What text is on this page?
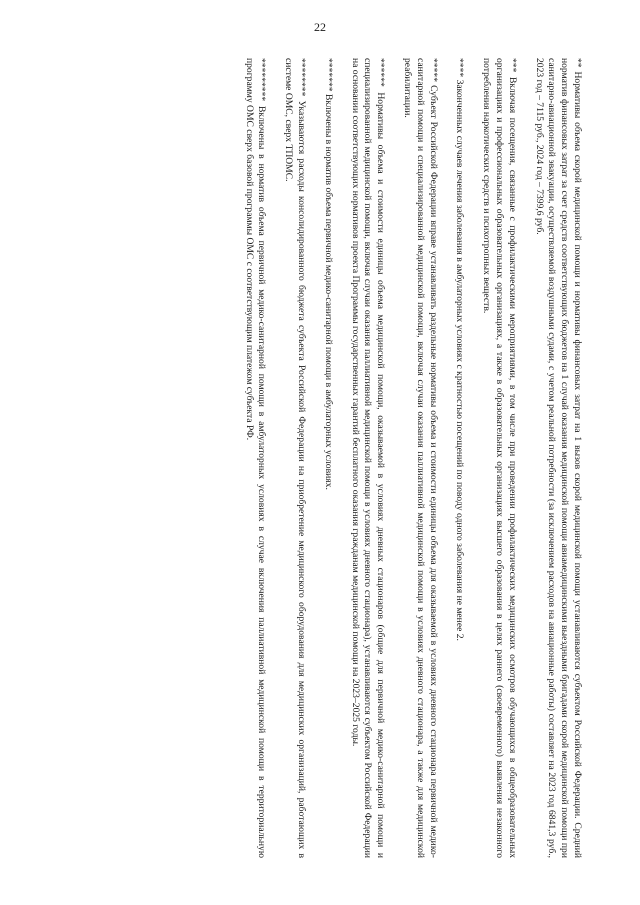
22

** Нормативы объема скорой медицинской помощи и нормативы финансовых затрат на 1 вызов скорой медицинской помощи устанавливаются субъектом Российской Федерации. Средний норматив финансовых затрат за счет средств соответствующих бюджетов на 1 случай оказания медицинской помощи авиамедицинскими выездными бригадами скорой медицинской помощи при санитарно-авиационной эвакуации, осуществляемой воздушными судами, с учетом реальной потребности (за исключением расходов на авиационные работы) составляет на 2023 год 6841,3 руб., 2023 год – 7115 руб., 2024 год – 7399,6 руб.

*** Включая посещения, связанные с профилактическими мероприятиями, в том числе при проведении профилактических медицинских осмотров обучающихся в общеобразовательных организациях и профессиональных образовательных организациях, а также в образовательных организациях высшего образования в целях раннего (своевременного) выявления незаконного потребления наркотических средств и психотропных веществ.

**** Законченных случаев лечения заболевания в амбулаторных условиях с кратностью посещений по поводу одного заболевания не менее 2.

***** Субъект Российской Федерации вправе устанавливать раздельные нормативы объема и стоимости единицы объема для оказываемой в условиях дневного стационара первичной медико-санитарной помощи и специализированной медицинской помощи, включая случаи оказания паллиативной медицинской помощи в условиях дневного стационара, а также для медицинской реабилитации.

****** Нормативы объема и стоимости единицы объема медицинской помощи, оказываемой в условиях дневных стационаров (общие для первичной медико-санитарной помощи и специализированной медицинской помощи, включая случаи оказания паллиативной медицинской помощи в условиях дневного стационара), устанавливаются субъектом Российской Федерации на основании соответствующих нормативов проекта Программы государственных гарантий бесплатного оказания гражданам медицинской помощи на 2023–2025 годы.

******* Включены в норматив объема первичной медико-санитарной помощи в амбулаторных условиях.

******** Указываются расходы консолидированного бюджета субъекта Российской Федерации на приобретение медицинского оборудования для медицинских организаций, работающих в системе ОМС, сверх ТПОМС.

********* Включены в норматив объема первичной медико-санитарной помощи в амбулаторных условиях в случае включения паллиативной медицинской помощи в территориальную программу ОМС сверх базовой программы ОМС с соответствующим платежом субъекта РФ.
